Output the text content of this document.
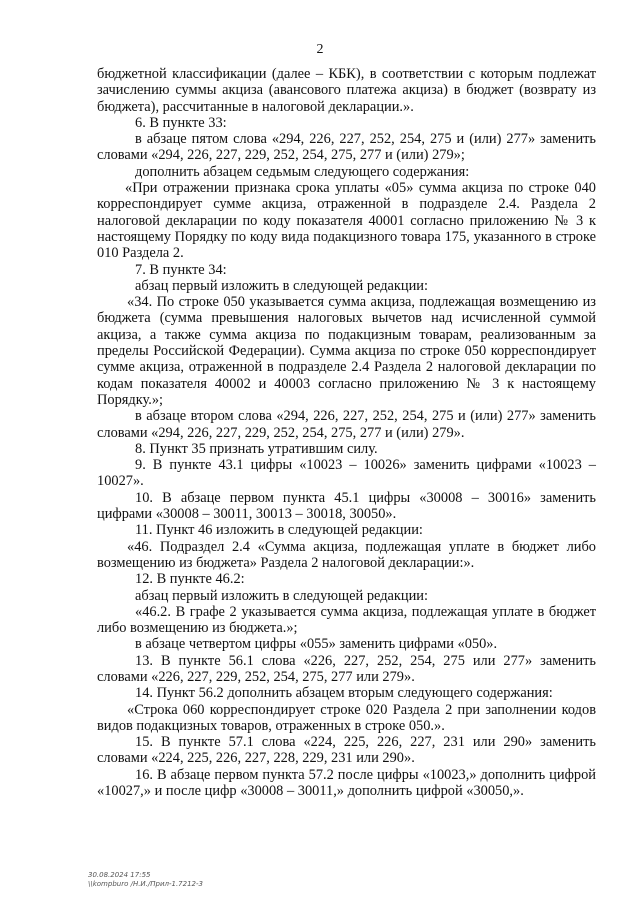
2

бюджетной классификации (далее – КБК), в соответствии с которым подлежат зачислению суммы акциза (авансового платежа акциза) в бюджет (возврату из бюджета), рассчитанные в налоговой декларации.».

6. В пункте 33:

в абзаце пятом слова «294, 226, 227, 252, 254, 275 и (или) 277» заменить словами «294, 226, 227, 229, 252, 254, 275, 277 и (или) 279»;

дополнить абзацем седьмым следующего содержания:

«При отражении признака срока уплаты «05» сумма акциза по строке 040 корреспондирует сумме акциза, отраженной в подразделе 2.4. Раздела 2 налоговой декларации по коду показателя 40001 согласно приложению № 3 к настоящему Порядку по коду вида подакцизного товара 175, указанного в строке 010 Раздела 2.

7. В пункте 34:

абзац первый изложить в следующей редакции:

«34. По строке 050 указывается сумма акциза, подлежащая возмещению из бюджета (сумма превышения налоговых вычетов над исчисленной суммой акциза, а также сумма акциза по подакцизным товарам, реализованным за пределы Российской Федерации). Сумма акциза по строке 050 корреспондирует сумме акциза, отраженной в подразделе 2.4 Раздела 2 налоговой декларации по кодам показателя 40002 и 40003 согласно приложению № 3 к настоящему Порядку.»;

в абзаце втором слова «294, 226, 227, 252, 254, 275 и (или) 277» заменить словами «294, 226, 227, 229, 252, 254, 275, 277 и (или) 279».

8. Пункт 35 признать утратившим силу.

9. В пункте 43.1 цифры «10023 – 10026» заменить цифрами «10023 – 10027».

10. В абзаце первом пункта 45.1 цифры «30008 – 30016» заменить цифрами «30008 – 30011, 30013 – 30018, 30050».

11. Пункт 46 изложить в следующей редакции:

«46. Подраздел 2.4 «Сумма акциза, подлежащая уплате в бюджет либо возмещению из бюджета» Раздела 2 налоговой декларации:».

12. В пункте 46.2:

абзац первый изложить в следующей редакции:

«46.2. В графе 2 указывается сумма акциза, подлежащая уплате в бюджет либо возмещению из бюджета.»;

в абзаце четвертом цифры «055» заменить цифрами «050».

13. В пункте 56.1 слова «226, 227, 252, 254, 275 или 277» заменить словами «226, 227, 229, 252, 254, 275, 277 или 279».

14. Пункт 56.2 дополнить абзацем вторым следующего содержания:

«Строка 060 корреспондирует строке 020 Раздела 2 при заполнении кодов видов подакцизных товаров, отраженных в строке 050.».

15. В пункте 57.1 слова «224, 225, 226, 227, 231 или 290» заменить словами «224, 225, 226, 227, 228, 229, 231 или 290».

16. В абзаце первом пункта 57.2 после цифры «10023,» дополнить цифрой «10027,» и после цифр «30008 – 30011,» дополнить цифрой «30050,».

30.08.2024 17:55
\\kompburo /Н.И./Прил-1.7212-3
